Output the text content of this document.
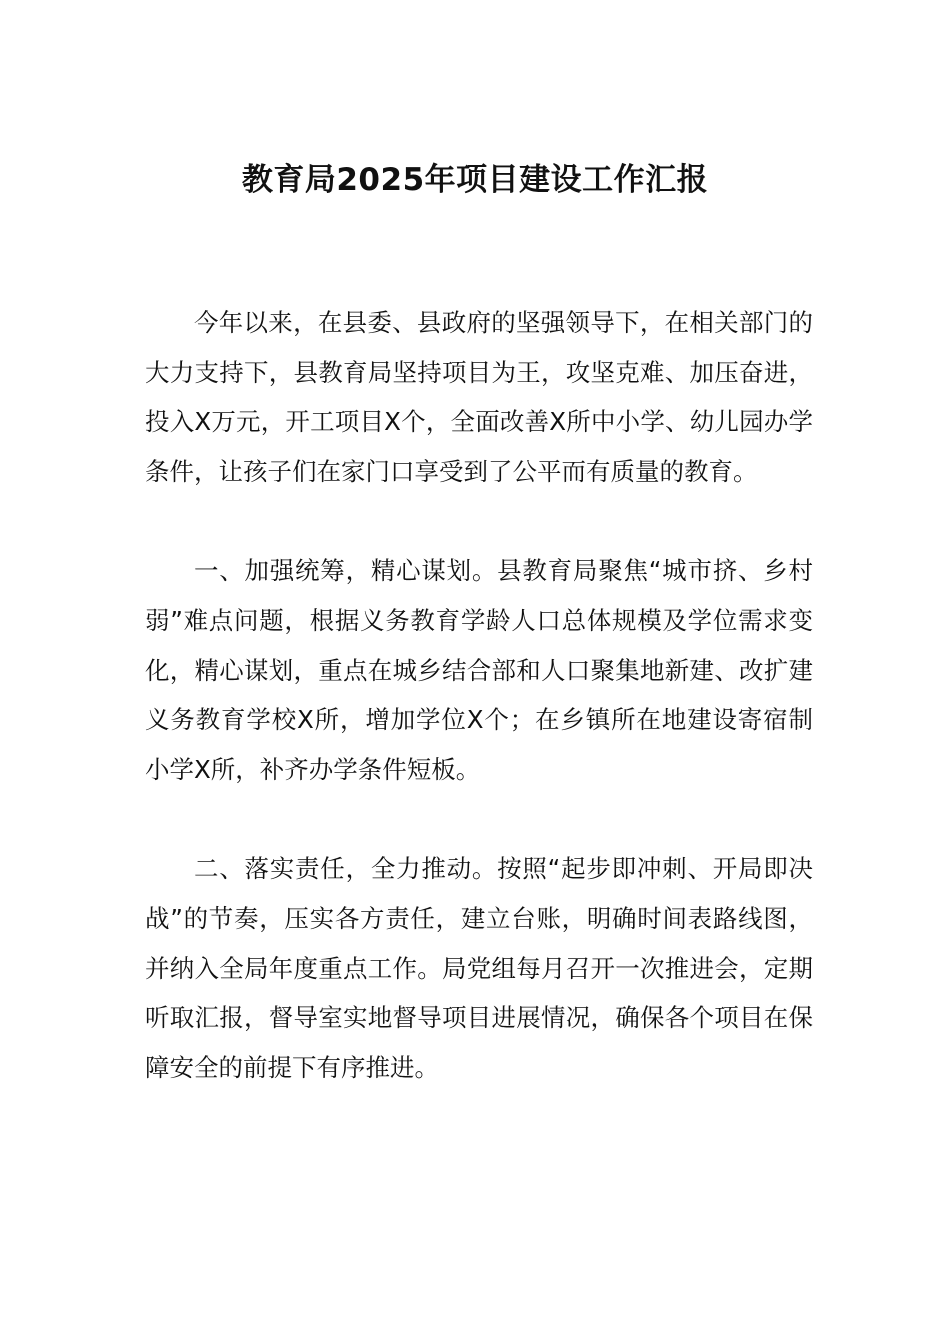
教育局2025年项目建设工作汇报

今年以来，在县委、县政府的坚强领导下，在相关部门的大力支持下，县教育局坚持项目为王，攻坚克难、加压奋进，投入X万元，开工项目X个，全面改善X所中小学、幼儿园办学条件，让孩子们在家门口享受到了公平而有质量的教育。

一、加强统筹，精心谋划。县教育局聚焦“城市挤、乡村弱”难点问题，根据义务教育学龄人口总体规模及学位需求变化，精心谋划，重点在城乡结合部和人口聚集地新建、改扩建义务教育学校X所，增加学位X个；在乡镇所在地建设寄宿制小学X所，补齐办学条件短板。

二、落实责任，全力推动。按照“起步即冲刺、开局即决战”的节奏，压实各方责任，建立台账，明确时间表路线图，并纳入全局年度重点工作。局党组每月召开一次推进会，定期听取汇报，督导室实地督导项目进展情况，确保各个项目在保障安全的前提下有序推进。
